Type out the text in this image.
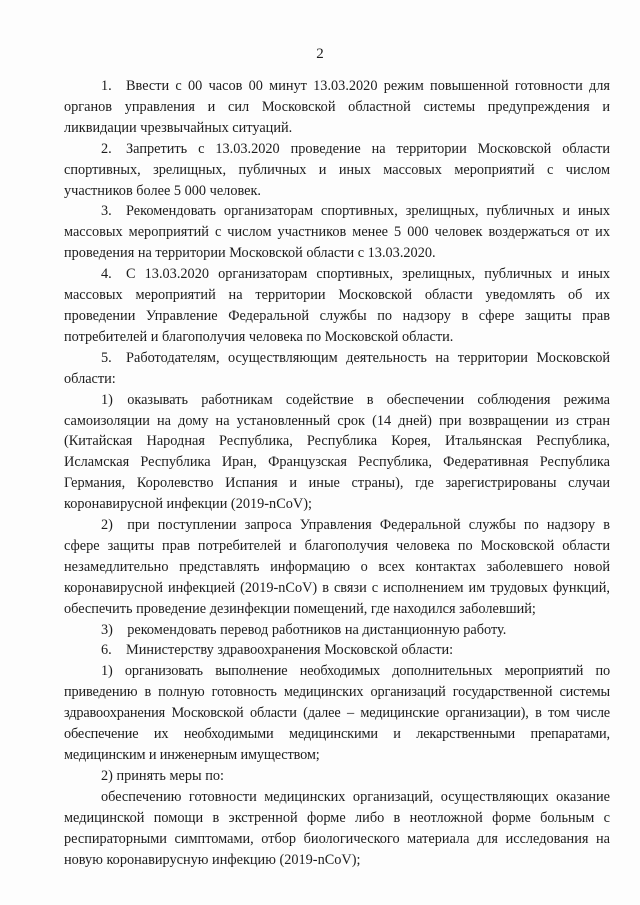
2

1. Ввести с 00 часов 00 минут 13.03.2020 режим повышенной готовности для органов управления и сил Московской областной системы предупреждения и ликвидации чрезвычайных ситуаций.

2. Запретить с 13.03.2020 проведение на территории Московской области спортивных, зрелищных, публичных и иных массовых мероприятий с числом участников более 5 000 человек.

3. Рекомендовать организаторам спортивных, зрелищных, публичных и иных массовых мероприятий с числом участников менее 5 000 человек воздержаться от их проведения на территории Московской области с 13.03.2020.

4. С 13.03.2020 организаторам спортивных, зрелищных, публичных и иных массовых мероприятий на территории Московской области уведомлять об их проведении Управление Федеральной службы по надзору в сфере защиты прав потребителей и благополучия человека по Московской области.

5. Работодателям, осуществляющим деятельность на территории Московской области:

1) оказывать работникам содействие в обеспечении соблюдения режима самоизоляции на дому на установленный срок (14 дней) при возвращении из стран (Китайская Народная Республика, Республика Корея, Итальянская Республика, Исламская Республика Иран, Французская Республика, Федеративная Республика Германия, Королевство Испания и иные страны), где зарегистрированы случаи коронавирусной инфекции (2019-nCoV);

2) при поступлении запроса Управления Федеральной службы по надзору в сфере защиты прав потребителей и благополучия человека по Московской области незамедлительно представлять информацию о всех контактах заболевшего новой коронавирусной инфекцией (2019-nCoV) в связи с исполнением им трудовых функций, обеспечить проведение дезинфекции помещений, где находился заболевший;

3) рекомендовать перевод работников на дистанционную работу.

6. Министерству здравоохранения Московской области:

1) организовать выполнение необходимых дополнительных мероприятий по приведению в полную готовность медицинских организаций государственной системы здравоохранения Московской области (далее – медицинские организации), в том числе обеспечение их необходимыми медицинскими и лекарственными препаратами, медицинским и инженерным имуществом;

2) принять меры по:

обеспечению готовности медицинских организаций, осуществляющих оказание медицинской помощи в экстренной форме либо в неотложной форме больным с респираторными симптомами, отбор биологического материала для исследования на новую коронавирусную инфекцию (2019-nCoV);
